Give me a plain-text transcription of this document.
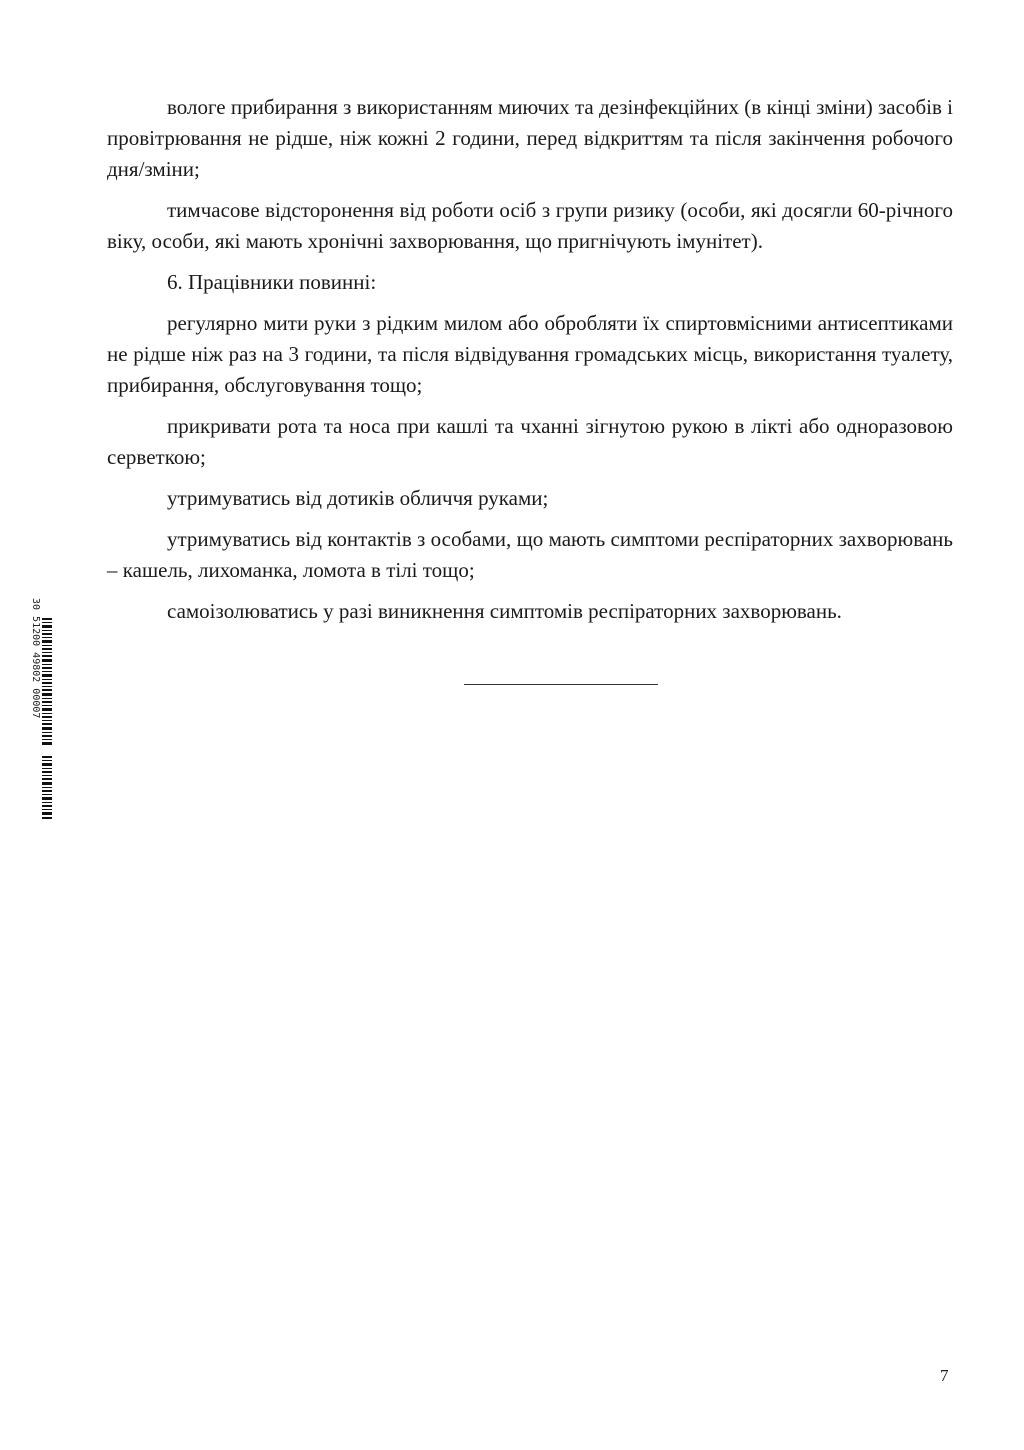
30 51200 49802 00007

вологе прибирання з використанням миючих та дезінфекційних (в кінці зміни) засобів і провітрювання не рідше, ніж кожні 2 години, перед відкриттям та після закінчення робочого дня/зміни;

тимчасове відсторонення від роботи осіб з групи ризику (особи, які досягли 60-річного віку, особи, які мають хронічні захворювання, що пригнічують імунітет).

6. Працівники повинні:

регулярно мити руки з рідким милом або обробляти їх спиртовмісними антисептиками не рідше ніж раз на 3 години, та після відвідування громадських місць, використання туалету, прибирання, обслуговування тощо;

прикривати рота та носа при кашлі та чханні зігнутою рукою в лікті або одноразовою серветкою;

утримуватись від дотиків обличчя руками;

утримуватись від контактів з особами, що мають симптоми респіраторних захворювань – кашель, лихоманка, ломота в тілі тощо;

самоізолюватись у разі виникнення симптомів респіраторних захворювань.

7
